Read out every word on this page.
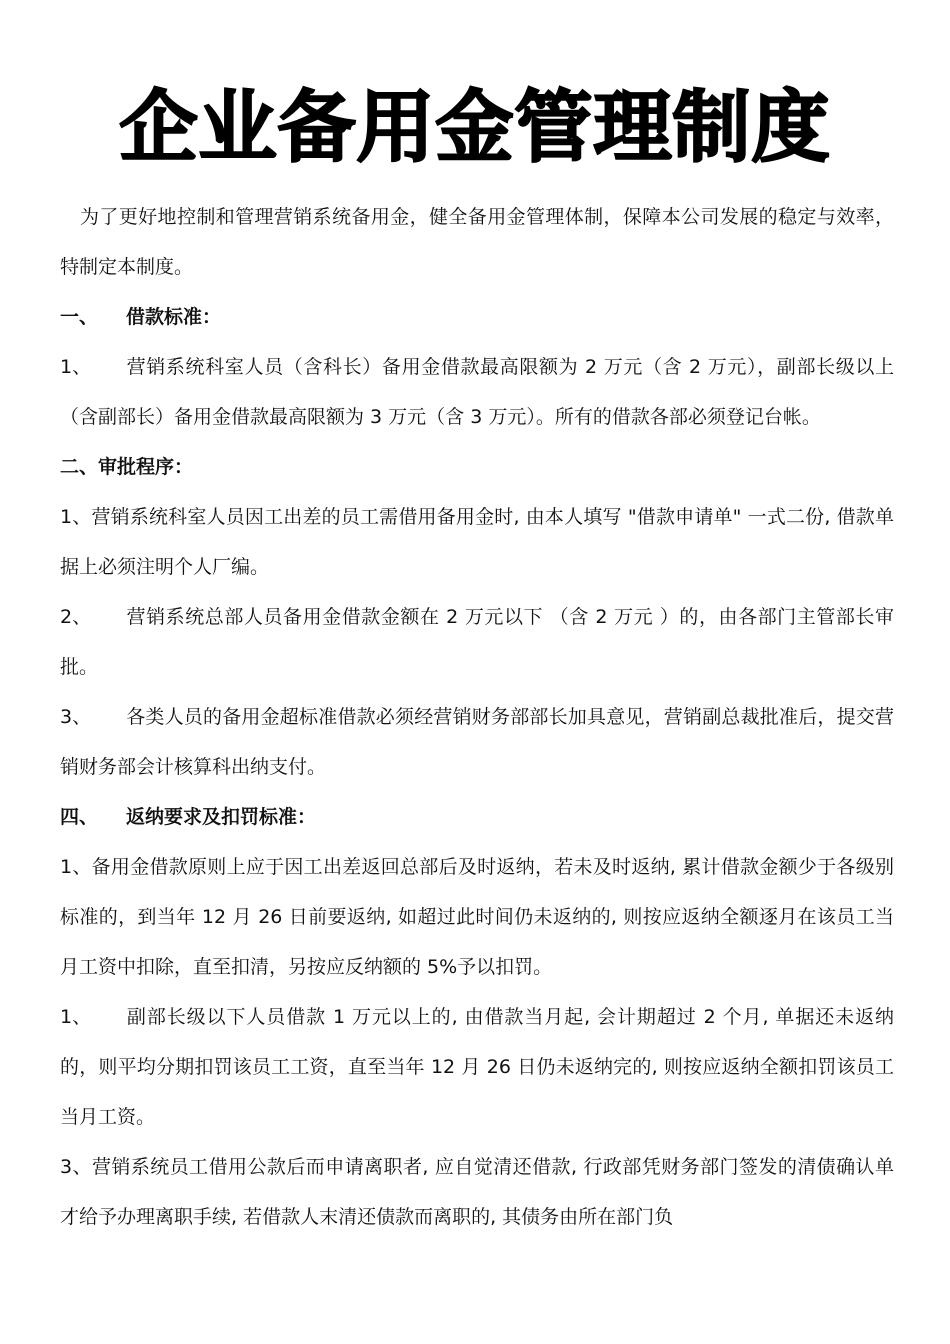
企业备用金管理制度

为了更好地控制和管理营销系统备用金，健全备用金管理体制，保障本公司发展的稳定与效率，特制定本制度。

一、 借款标准：

1、 营销系统科室人员（含科长）备用金借款最高限额为 2 万元（含 2 万元），副部长级以上（含副部长）备用金借款最高限额为 3 万元（含 3 万元）。所有的借款各部必须登记台帐。

二、审批程序：

1、营销系统科室人员因工出差的员工需借用备用金时, 由本人填写 "借款申请单" 一式二份, 借款单据上必须注明个人厂编。

2、 营销系统总部人员备用金借款金额在 2 万元以下 （含 2 万元 ）的，由各部门主管部长审批。

3、 各类人员的备用金超标准借款必须经营销财务部部长加具意见，营销副总裁批准后，提交营销财务部会计核算科出纳支付。

四、 返纳要求及扣罚标准：

1、备用金借款原则上应于因工出差返回总部后及时返纳，若未及时返纳, 累计借款金额少于各级别标准的，到当年 12 月 26 日前要返纳, 如超过此时间仍未返纳的, 则按应返纳全额逐月在该员工当月工资中扣除，直至扣清，另按应反纳额的 5%予以扣罚。

1、 副部长级以下人员借款 1 万元以上的, 由借款当月起, 会计期超过 2 个月, 单据还未返纳的，则平均分期扣罚该员工工资，直至当年 12 月 26 日仍未返纳完的, 则按应返纳全额扣罚该员工当月工资。

3、营销系统员工借用公款后而申请离职者, 应自觉清还借款, 行政部凭财务部门签发的清债确认单才给予办理离职手续, 若借款人末清还债款而离职的, 其债务由所在部门负
